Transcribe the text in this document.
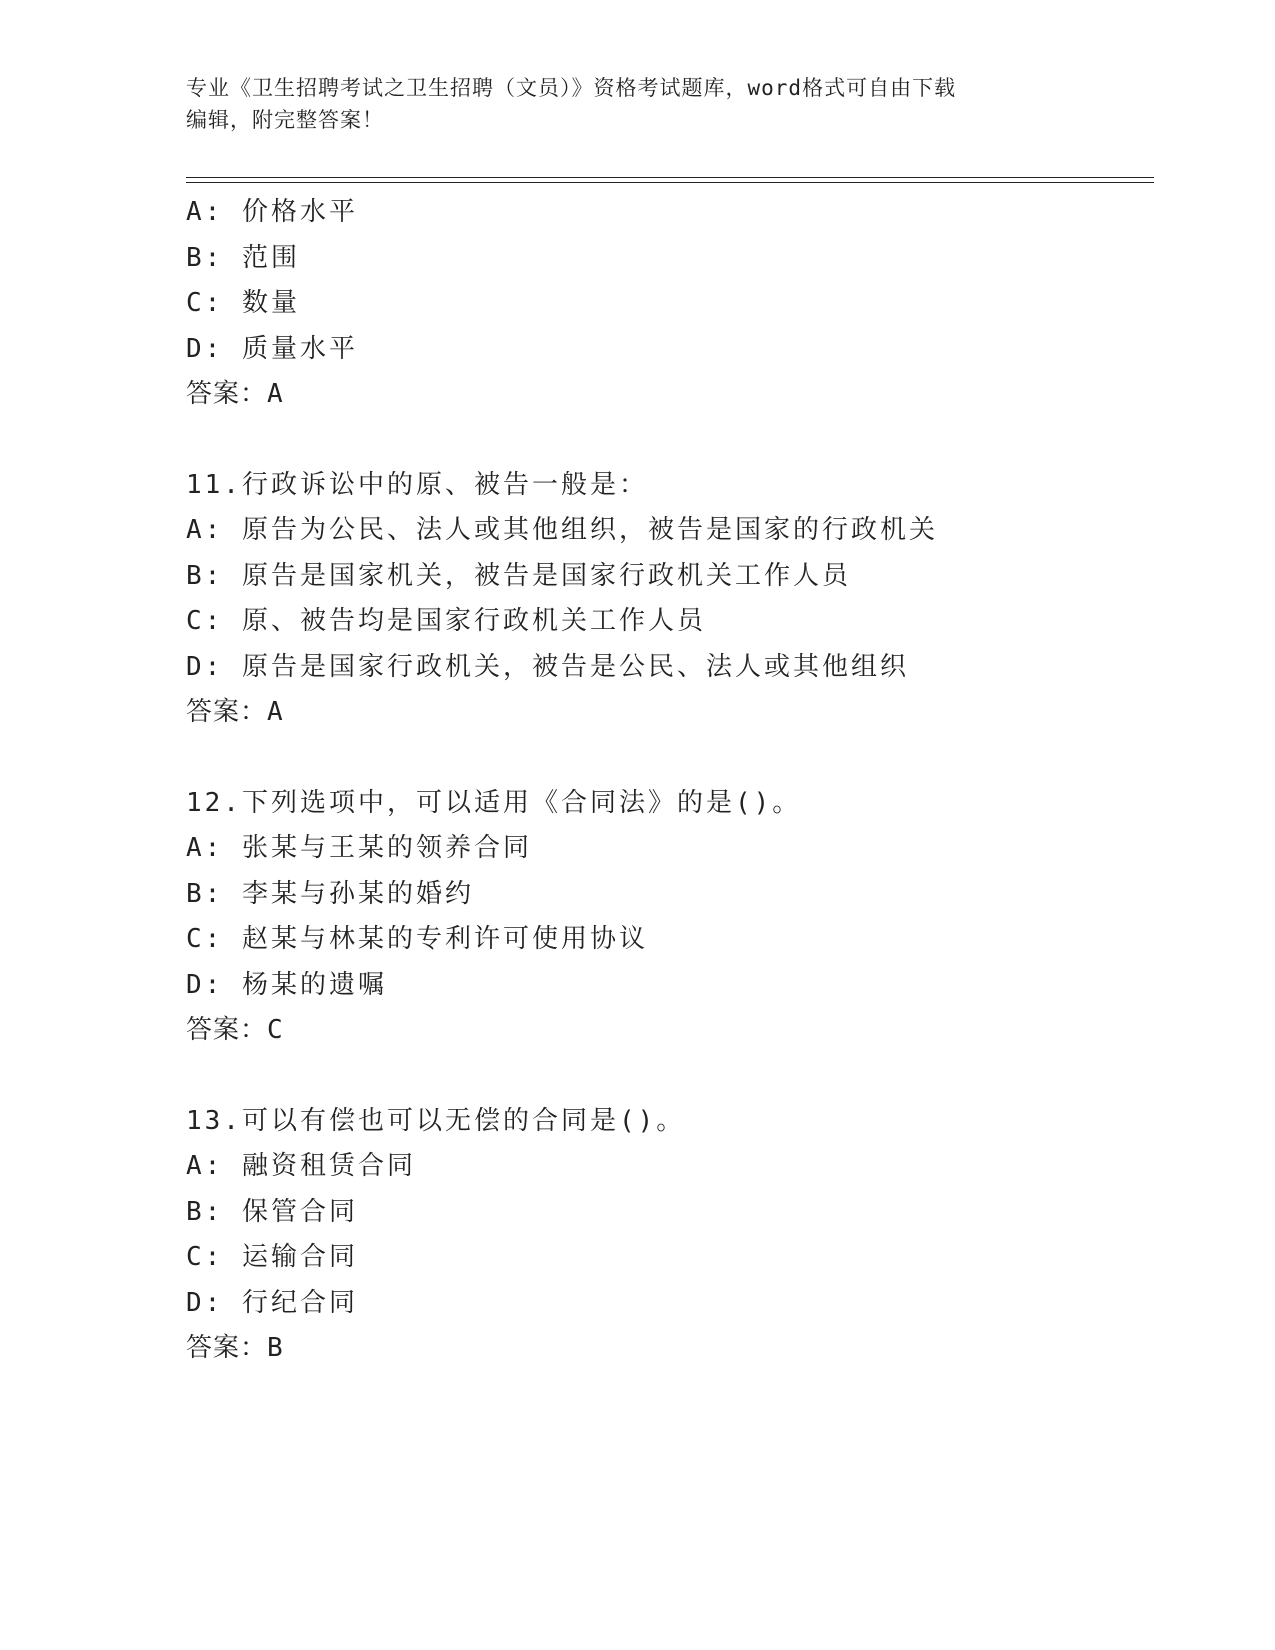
专业《卫生招聘考试之卫生招聘（文员）》资格考试题库，word格式可自由下载
编辑，附完整答案！
A: 价格水平
B: 范围
C: 数量
D: 质量水平
答案：A
11.行政诉讼中的原、被告一般是：
A: 原告为公民、法人或其他组织，被告是国家的行政机关
B: 原告是国家机关，被告是国家行政机关工作人员
C: 原、被告均是国家行政机关工作人员
D: 原告是国家行政机关，被告是公民、法人或其他组织
答案：A
12.下列选项中，可以适用《合同法》的是()。
A: 张某与王某的领养合同
B: 李某与孙某的婚约
C: 赵某与林某的专利许可使用协议
D: 杨某的遗嘱
答案：C
13.可以有偿也可以无偿的合同是()。
A: 融资租赁合同
B: 保管合同
C: 运输合同
D: 行纪合同
答案：B
